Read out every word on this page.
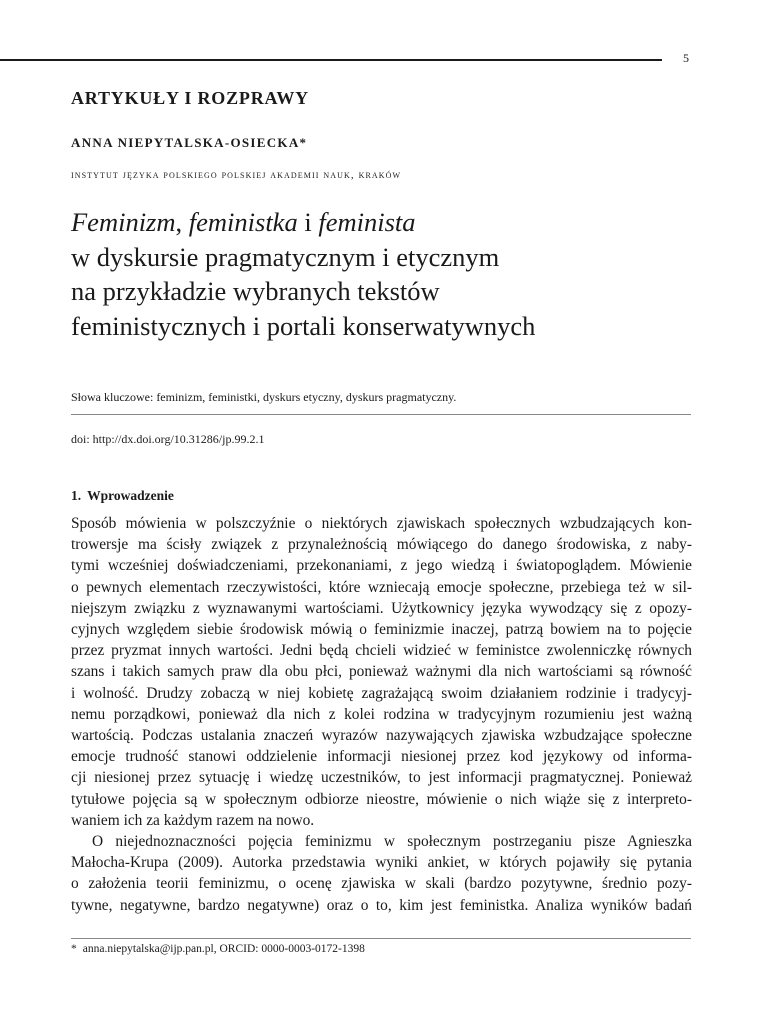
5
ARTYKUŁY I ROZPRAWY
ANNA NIEPYTALSKA-OSIECKA*
instytut języka polskiego polskiej akademii nauk, kraków
Feminizm, feministka i feminista
w dyskursie pragmatycznym i etycznym
na przykładzie wybranych tekstów
feministycznych i portali konserwatywnych
Słowa kluczowe: feminizm, feministki, dyskurs etyczny, dyskurs pragmatyczny.
doi: http://dx.doi.org/10.31286/jp.99.2.1
1. Wprowadzenie
Sposób mówienia w polszczyźnie o niektórych zjawiskach społecznych wzbudzających kon-
trowersje ma ścisły związek z przynależnością mówiącego do danego środowiska, z naby-
tymi wcześniej doświadczeniami, przekonaniami, z jego wiedzą i światopoglądem. Mówienie
o pewnych elementach rzeczywistości, które wzniecają emocje społeczne, przebiega też w sil-
niejszym związku z wyznawanymi wartościami. Użytkownicy języka wywodzący się z opozy-
cyjnych względem siebie środowisk mówią o feminizmie inaczej, patrzą bowiem na to pojęcie
przez pryzmat innych wartości. Jedni będą chcieli widzieć w feministce zwolenniczkę równych
szans i takich samych praw dla obu płci, ponieważ ważnymi dla nich wartościami są równość
i wolność. Drudzy zobaczą w niej kobietę zagrażającą swoim działaniem rodzinie i tradycyj-
nemu porządkowi, ponieważ dla nich z kolei rodzina w tradycyjnym rozumieniu jest ważną
wartością. Podczas ustalania znaczeń wyrazów nazywających zjawiska wzbudzające społeczne
emocje trudność stanowi oddzielenie informacji niesionej przez kod językowy od informa-
cji niesionej przez sytuację i wiedzę uczestników, to jest informacji pragmatycznej. Ponieważ
tytułowe pojęcia są w społecznym odbiorze nieostre, mówienie o nich wiąże się z interpreto-
waniem ich za każdym razem na nowo.
O niejednoznaczności pojęcia feminizmu w społecznym postrzeganiu pisze Agnieszka
Małocha-Krupa (2009). Autorka przedstawia wyniki ankiet, w których pojawiły się pytania
o założenia teorii feminizmu, o ocenę zjawiska w skali (bardzo pozytywne, średnio pozy-
tywne, negatywne, bardzo negatywne) oraz o to, kim jest feministka. Analiza wyników badań
* anna.niepytalska@ijp.pan.pl, ORCID: 0000-0003-0172-1398
